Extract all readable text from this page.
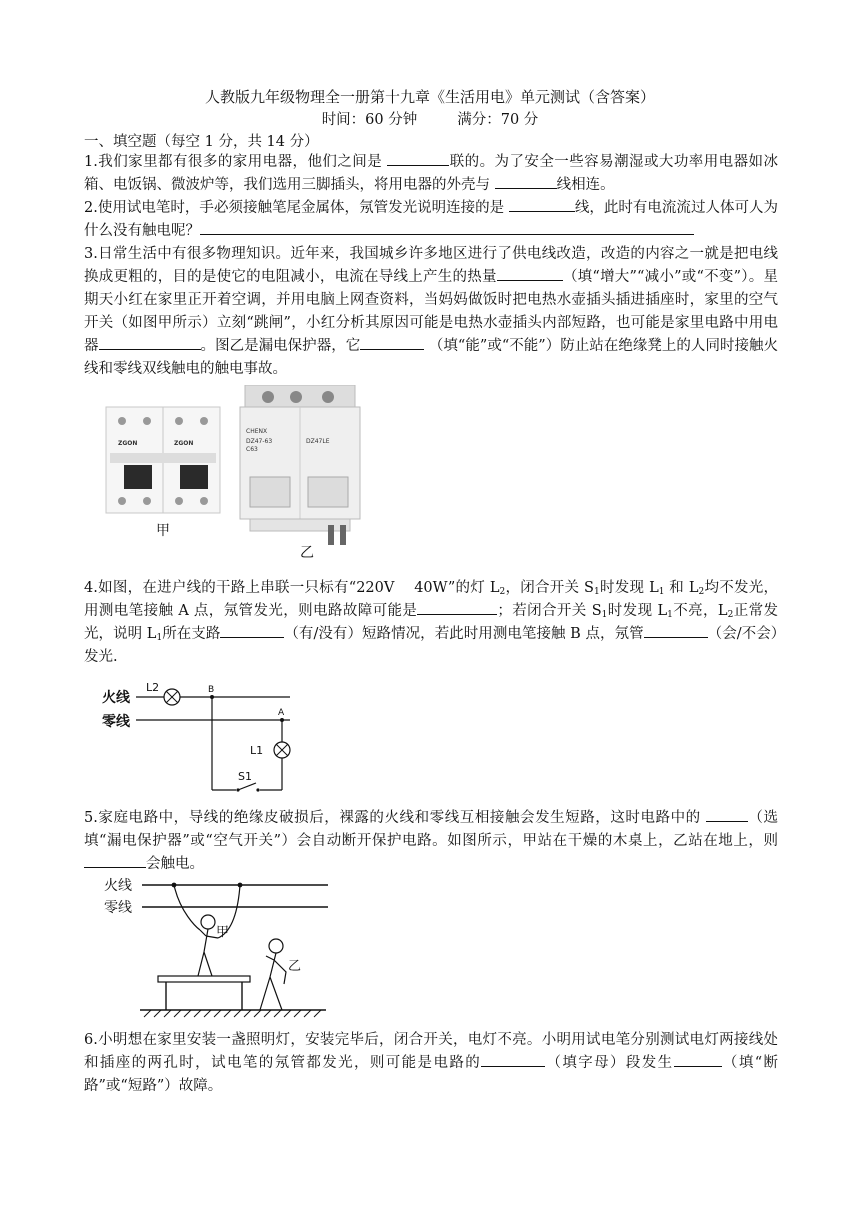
人教版九年级物理全一册第十九章《生活用电》单元测试（含答案）
时间：60 分钟	满分：70 分
一、填空题（每空 1 分，共 14 分）
1.我们家里都有很多的家用电器，他们之间是	联的。为了安全一些容易潮湿或大功率用电器如冰箱、电饭锅、微波炉等，我们选用三脚插头，将用电器的外壳与	线相连。
2.使用试电笔时，手必须接触笔尾金属体，氖管发光说明连接的是	线，此时有电流流过人体可人为什么没有触电呢？
3.日常生活中有很多物理知识。近年来，我国城乡许多地区进行了供电线改造，改造的内容之一就是把电线换成更粗的，目的是使它的电阻减小，电流在导线上产生的热量	（填“增大”“减小”或“不变”）。星期天小红在家里正开着空调，并用电脑上网查资料，当妈妈做饭时把电热水壶插头插进插座时，家里的空气开关（如图甲所示）立刻“跳闸”，小红分析其原因可能是电热水壶插头内部短路，也可能是家里电路中用电器	。图乙是漏电保护器，它	（填“能”或“不能”）防止站在绝缘凳上的人同时接触火线和零线双线触电的触电事故。
ZGON	ZGON
甲
CHENX
DZ47-63
C63
DZ47LE
乙
4.如图，在进户线的干路上串联一只标有“220V　 40W”的灯 $L_2$，闭合开关 $S_1$时发现 $L_1$ 和 $L_2$均不发光，用测电笔接触 A 点，氖管发光，则电路故障可能是	；若闭合开关 $S_1$时发现 $L_1$不亮，$L_2$正常发光，说明 $L_1$所在支路	（有/没有）短路情况，若此时用测电笔接触 B 点，氖管	（会/不会）发光.
火线
零线
L2	B
A
L1
S1
5.家庭电路中，导线的绝缘皮破损后，裸露的火线和零线互相接触会发生短路，这时电路中的	（选填“漏电保护器”或“空气开关”）会自动断开保护电路。如图所示，甲站在干燥的木桌上，乙站在地上，则 会触电。
火线
零线
甲
乙
6.小明想在家里安装一盏照明灯，安装完毕后，闭合开关，电灯不亮。小明用试电笔分别测试电灯两接线处和插座的两孔时，试电笔的氖管都发光，则可能是电路的	（填字母）段发生	（填“断路”或“短路”）故障。
